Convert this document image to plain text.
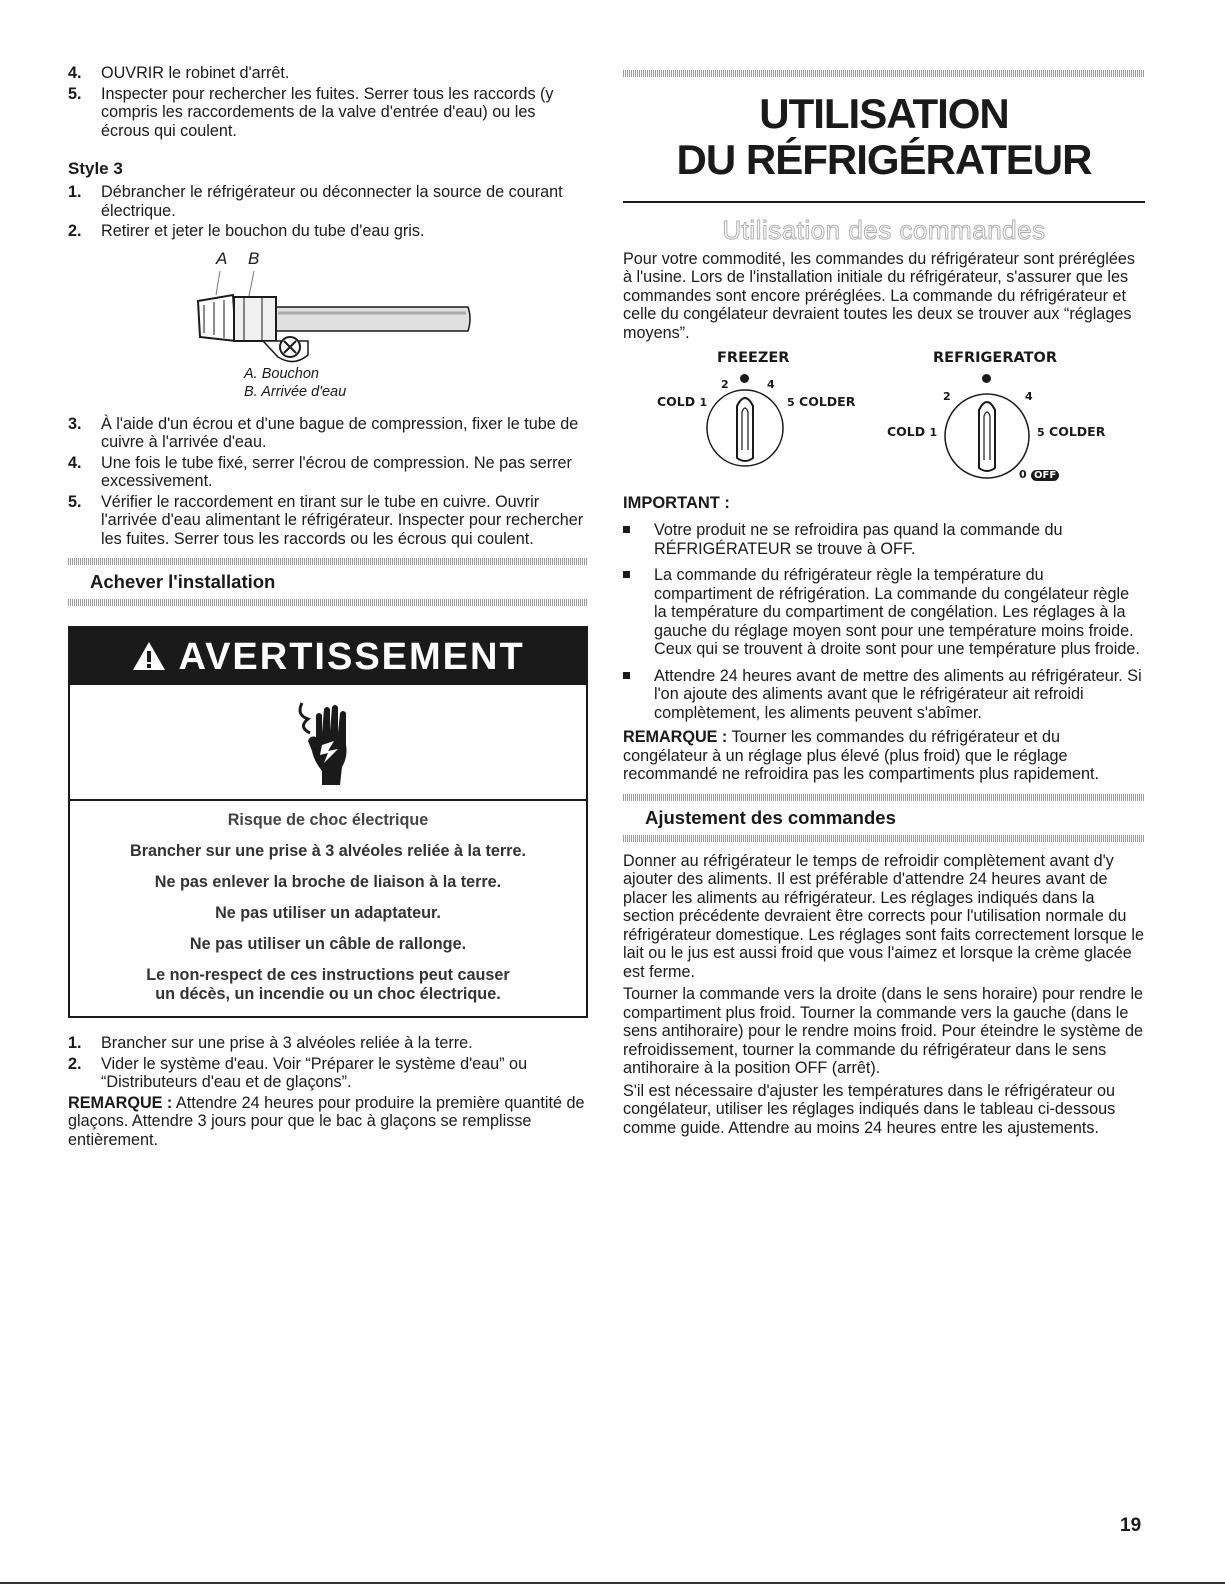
4. OUVRIR le robinet d'arrêt.
5. Inspecter pour rechercher les fuites. Serrer tous les raccords (y compris les raccordements de la valve d'entrée d'eau) ou les écrous qui coulent.

Style 3

1. Débrancher le réfrigérateur ou déconnecter la source de courant électrique.
2. Retirer et jeter le bouchon du tube d'eau gris.
A B

A. Bouchon

B. Arrivée d'eau

3. À l'aide d'un écrou et d'une bague de compression, fixer le tube de cuivre à l'arrivée d'eau.
4. Une fois le tube fixé, serrer l'écrou de compression. Ne pas serrer excessivement.
5. Vérifier le raccordement en tirant sur le tube en cuivre. Ouvrir l'arrivée d'eau alimentant le réfrigérateur. Inspecter pour rechercher les fuites. Serrer tous les raccords ou les écrous qui coulent.

Achever l'installation

AVERTISSEMENT

Risque de choc électrique

Brancher sur une prise à 3 alvéoles reliée à la terre.

Ne pas enlever la broche de liaison à la terre.

Ne pas utiliser un adaptateur.

Ne pas utiliser un câble de rallonge.

Le non-respect de ces instructions peut causer
un décès, un incendie ou un choc électrique.

1. Brancher sur une prise à 3 alvéoles reliée à la terre.
2. Vider le système d'eau. Voir “Préparer le système d'eau” ou “Distributeurs d'eau et de glaçons”.

REMARQUE : Attendre 24 heures pour produire la première quantité de glaçons. Attendre 3 jours pour que le bac à glaçons se remplisse entièrement.

UTILISATION

DU RÉFRIGÉRATEUR

Utilisation des commandes

Pour votre commodité, les commandes du réfrigérateur sont préréglées à l'usine. Lors de l'installation initiale du réfrigérateur, s'assurer que les commandes sont encore préréglées. La commande du réfrigérateur et celle du congélateur devraient toutes les deux se trouver aux “réglages moyens”.

FREEZER	REFRIGERATOR
2	4
COLD 1	5 COLDER	2	4
COLD 1	5 COLDER
0 OFF

IMPORTANT :

Votre produit ne se refroidira pas quand la commande du RÉFRIGÉRATEUR se trouve à OFF.
La commande du réfrigérateur règle la température du compartiment de réfrigération. La commande du congélateur règle la température du compartiment de congélation. Les réglages à la gauche du réglage moyen sont pour une température moins froide. Ceux qui se trouvent à droite sont pour une température plus froide.
Attendre 24 heures avant de mettre des aliments au réfrigérateur. Si l'on ajoute des aliments avant que le réfrigérateur ait refroidi complètement, les aliments peuvent s'abîmer.

REMARQUE : Tourner les commandes du réfrigérateur et du congélateur à un réglage plus élevé (plus froid) que le réglage recommandé ne refroidira pas les compartiments plus rapidement.

Ajustement des commandes

Donner au réfrigérateur le temps de refroidir complètement avant d'y ajouter des aliments. Il est préférable d'attendre 24 heures avant de placer les aliments au réfrigérateur. Les réglages indiqués dans la section précédente devraient être corrects pour l'utilisation normale du réfrigérateur domestique. Les réglages sont faits correctement lorsque le lait ou le jus est aussi froid que vous l'aimez et lorsque la crème glacée est ferme.

Tourner la commande vers la droite (dans le sens horaire) pour rendre le compartiment plus froid. Tourner la commande vers la gauche (dans le sens antihoraire) pour le rendre moins froid. Pour éteindre le système de refroidissement, tourner la commande du réfrigérateur dans le sens antihoraire à la position OFF (arrêt).

S'il est nécessaire d'ajuster les températures dans le réfrigérateur ou congélateur, utiliser les réglages indiqués dans le tableau ci-dessous comme guide. Attendre au moins 24 heures entre les ajustements.

19
